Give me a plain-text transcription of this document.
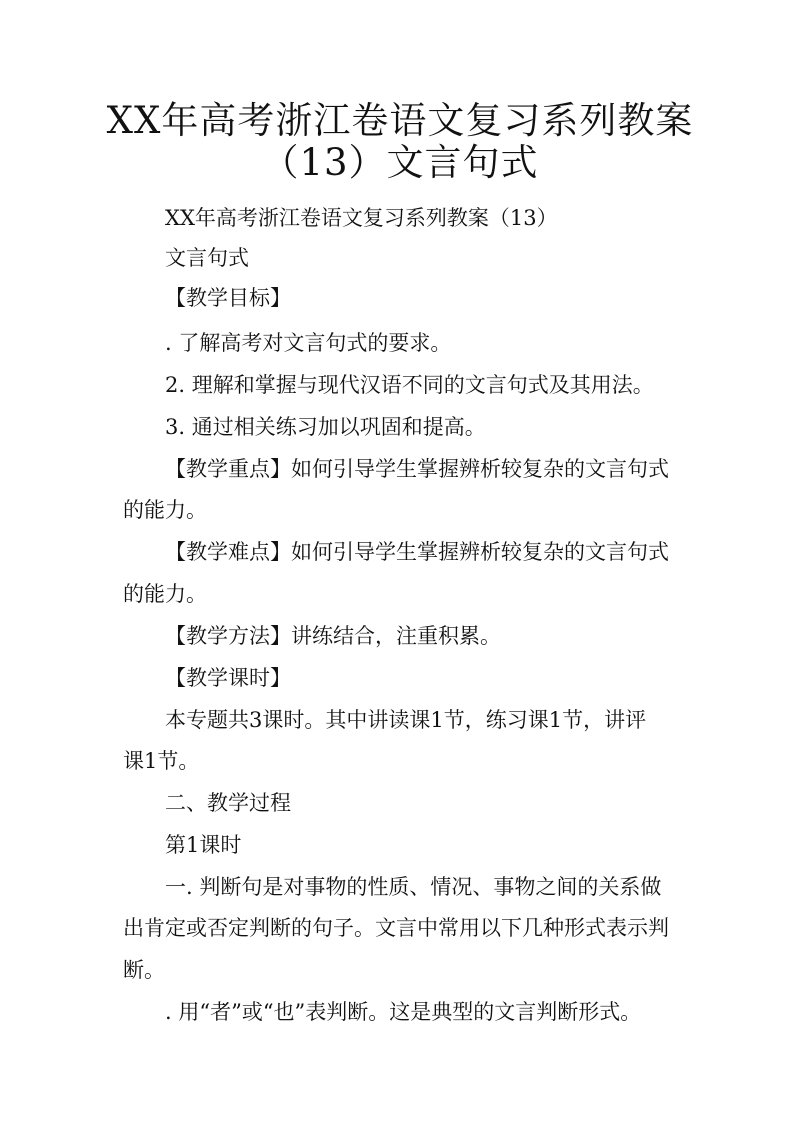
XX年高考浙江卷语文复习系列教案
（13）文言句式
XX年高考浙江卷语文复习系列教案（13）
文言句式
【教学目标】
. 了解高考对文言句式的要求。
2. 理解和掌握与现代汉语不同的文言句式及其用法。
3. 通过相关练习加以巩固和提高。
【教学重点】如何引导学生掌握辨析较复杂的文言句式
的能力。
【教学难点】如何引导学生掌握辨析较复杂的文言句式
的能力。
【教学方法】讲练结合，注重积累。
【教学课时】
本专题共3课时。其中讲读课1节，练习课1节，讲评
课1节。
二、教学过程
第1课时
一. 判断句是对事物的性质、情况、事物之间的关系做
出肯定或否定判断的句子。文言中常用以下几种形式表示判
断。
. 用“者”或“也”表判断。这是典型的文言判断形式。
